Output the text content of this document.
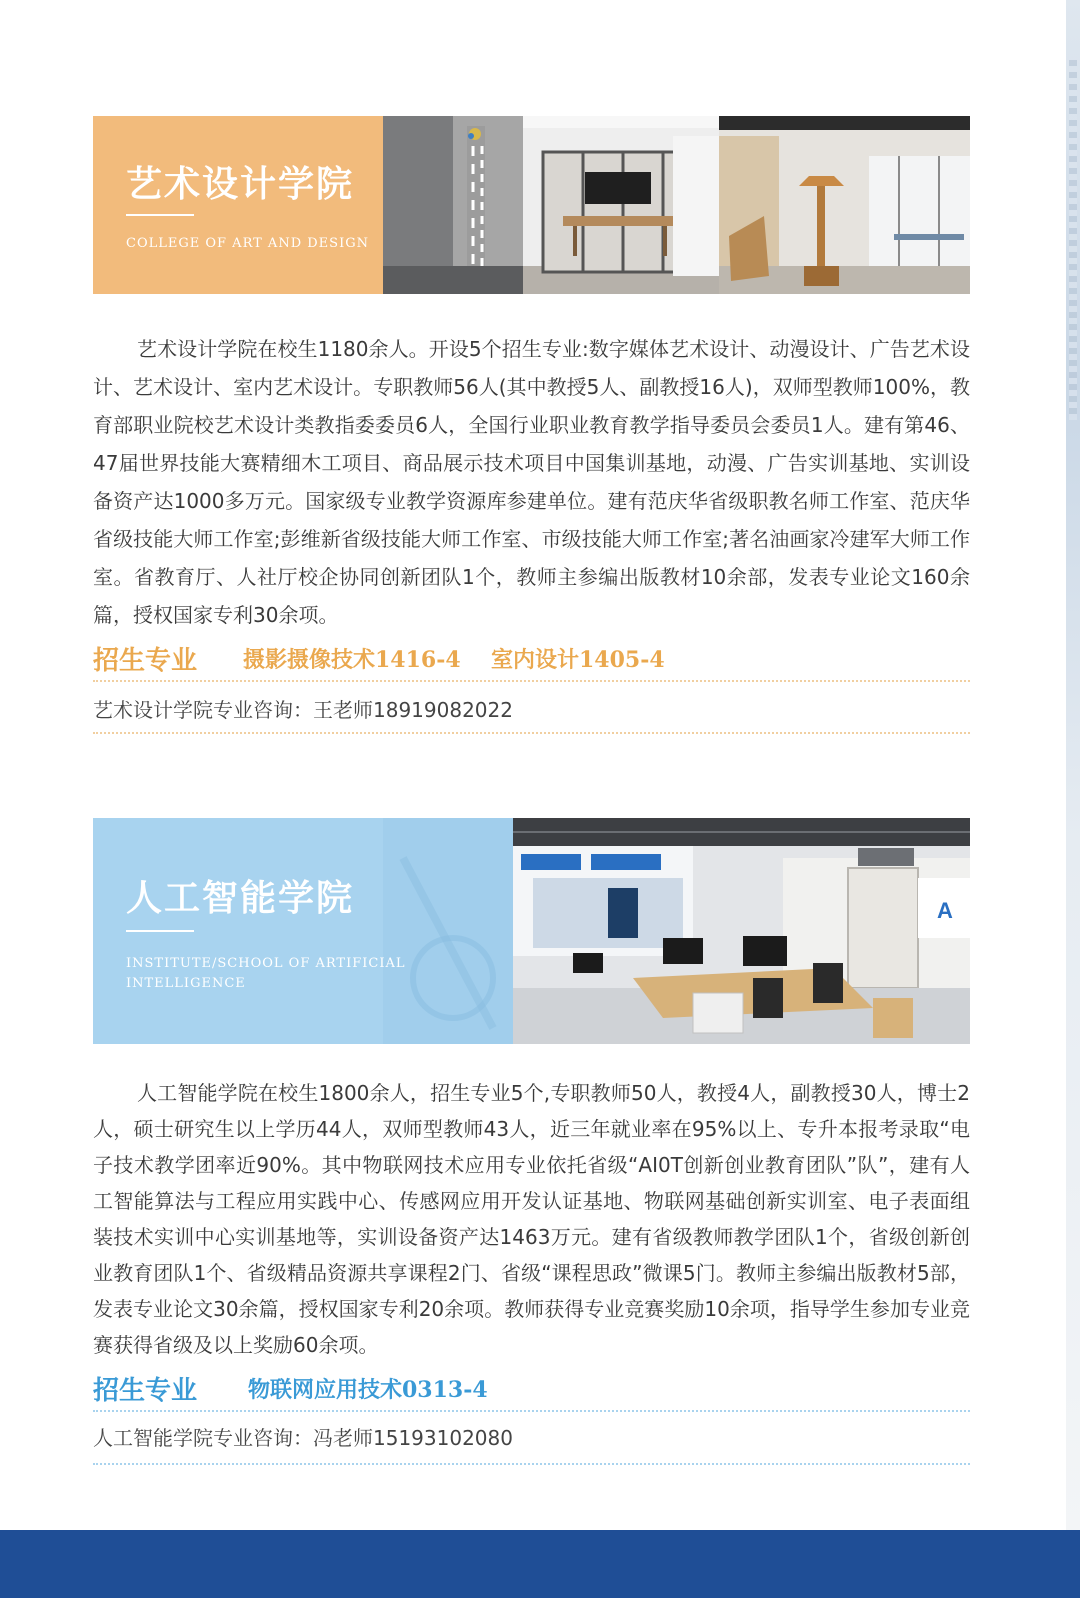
艺术设计学院
COLLEGE OF ART AND DESIGN
艺术设计学院在校生1180余人。开设5个招生专业:数字媒体艺术设计、动漫设计、广告艺术设计、艺术设计、室内艺术设计。专职教师56人(其中教授5人、副教授16人)，双师型教师100%，教育部职业院校艺术设计类教指委委员6人，全国行业职业教育教学指导委员会委员1人。建有第46、47届世界技能大赛精细木工项目、商品展示技术项目中国集训基地，动漫、广告实训基地、实训设备资产达1000多万元。国家级专业教学资源库参建单位。建有范庆华省级职教名师工作室、范庆华省级技能大师工作室;彭维新省级技能大师工作室、市级技能大师工作室;著名油画家冷建军大师工作室。省教育厅、人社厅校企协同创新团队1个，教师主参编出版教材10余部，发表专业论文160余篇，授权国家专利30余项。
招生专业 摄影摄像技术1416-4 室内设计1405-4
艺术设计学院专业咨询：王老师18919082022
人工智能学院
INSTITUTE/SCHOOL OF ARTIFICIAL INTELLIGENCE
A
人工智能学院在校生1800余人，招生专业5个,专职教师50人，教授4人，副教授30人，博士2人，硕士研究生以上学历44人，双师型教师43人，近三年就业率在95%以上、专升本报考录取“电子技术教学团率近90%。其中物联网技术应用专业依托省级“AI0T创新创业教育团队”队”，建有人工智能算法与工程应用实践中心、传感网应用开发认证基地、物联网基础创新实训室、电子表面组装技术实训中心实训基地等，实训设备资产达1463万元。建有省级教师教学团队1个，省级创新创业教育团队1个、省级精品资源共享课程2门、省级“课程思政”微课5门。教师主参编出版教材5部，发表专业论文30余篇，授权国家专利20余项。教师获得专业竞赛奖励10余项，指导学生参加专业竞赛获得省级及以上奖励60余项。
招生专业 物联网应用技术0313-4
人工智能学院专业咨询：冯老师15193102080
